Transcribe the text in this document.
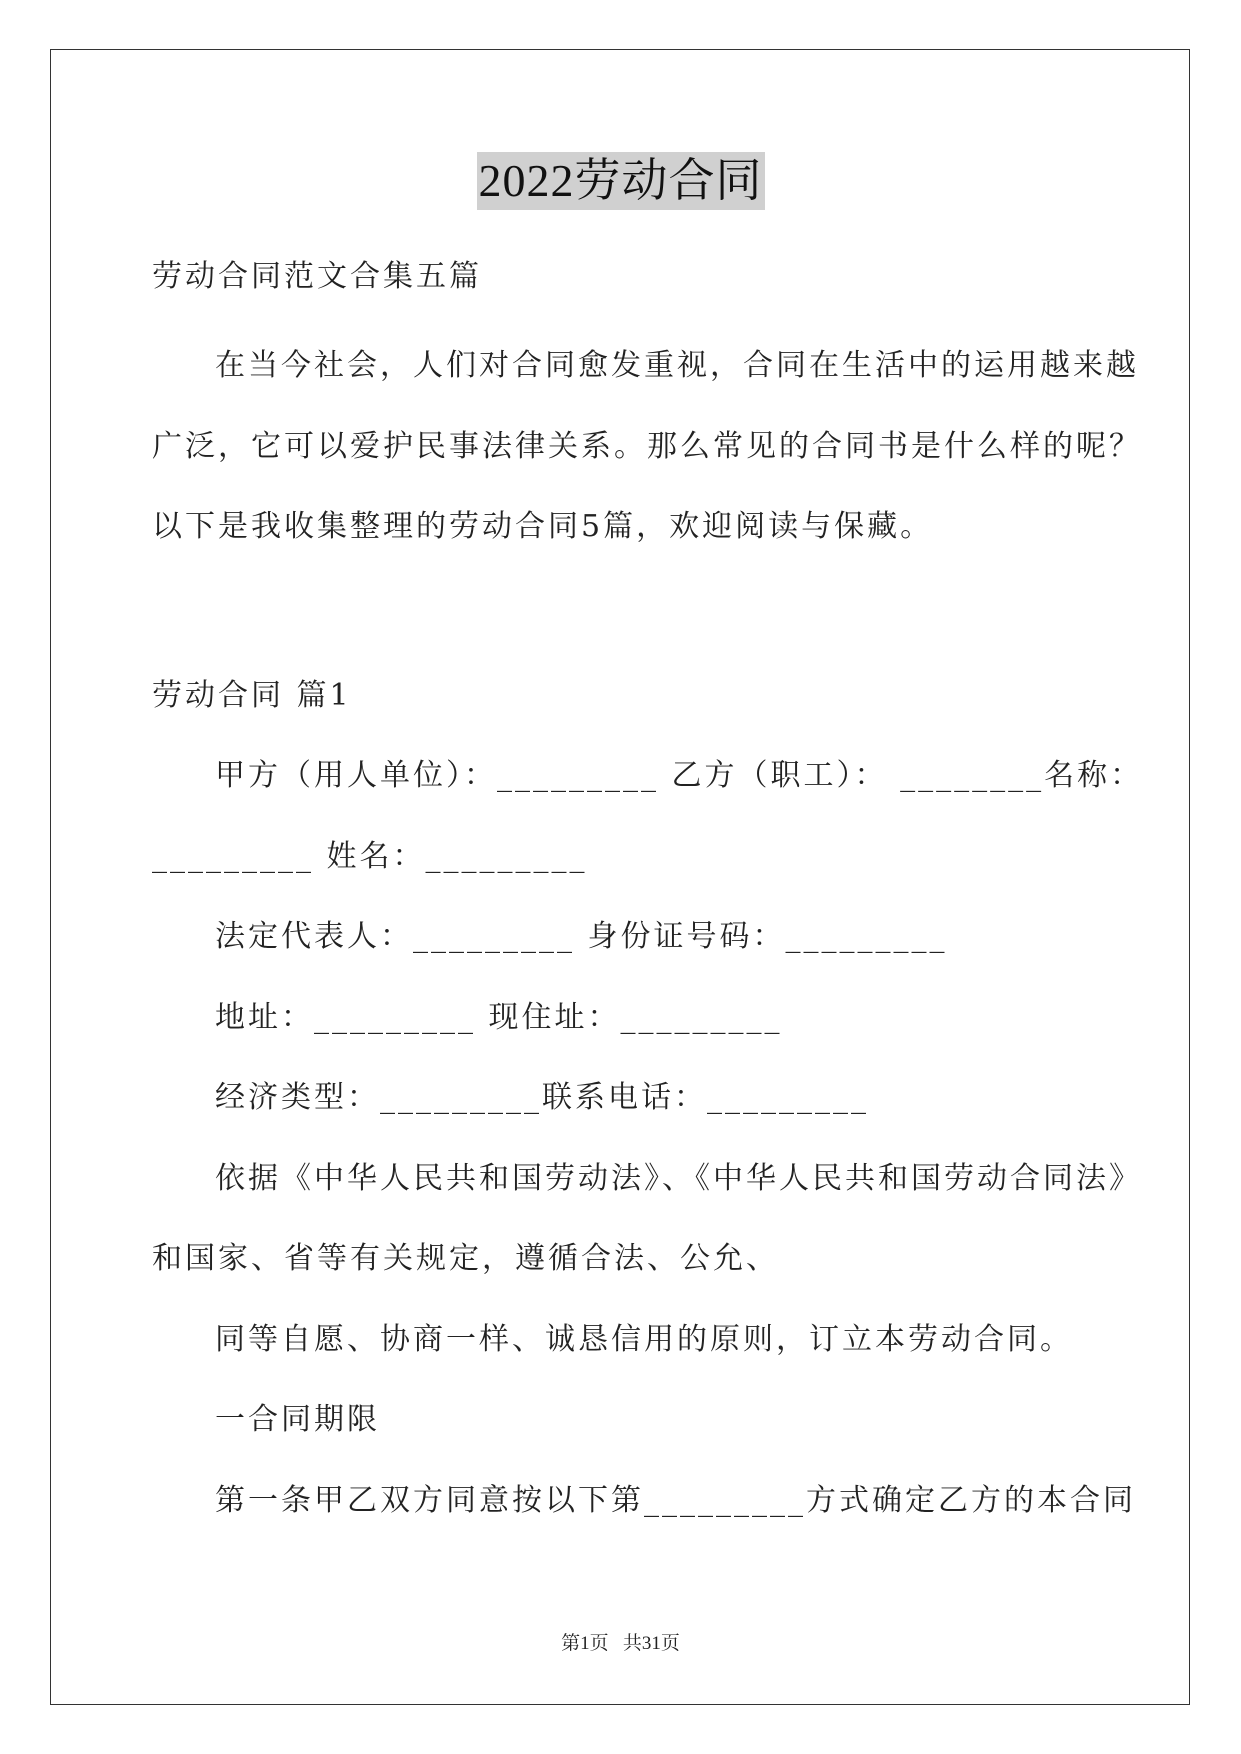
2022劳动合同
劳动合同范文合集五篇
在当今社会，人们对合同愈发重视，合同在生活中的运用越来越
广泛，它可以爱护民事法律关系。那么常见的合同书是什么样的呢？
以下是我收集整理的劳动合同5篇，欢迎阅读与保藏。
劳动合同 篇1
甲方（用人单位）：_________ 乙方（职工）： ________名称：
_________ 姓名：_________
法定代表人：_________ 身份证号码：_________
地址：_________ 现住址：_________
经济类型：_________联系电话：_________
依据《中华人民共和国劳动法》、《中华人民共和国劳动合同法》
和国家、省等有关规定，遵循合法、公允、
同等自愿、协商一样、诚恳信用的原则，订立本劳动合同。
一合同期限
第一条甲乙双方同意按以下第_________方式确定乙方的本合同
第1页   共31页
